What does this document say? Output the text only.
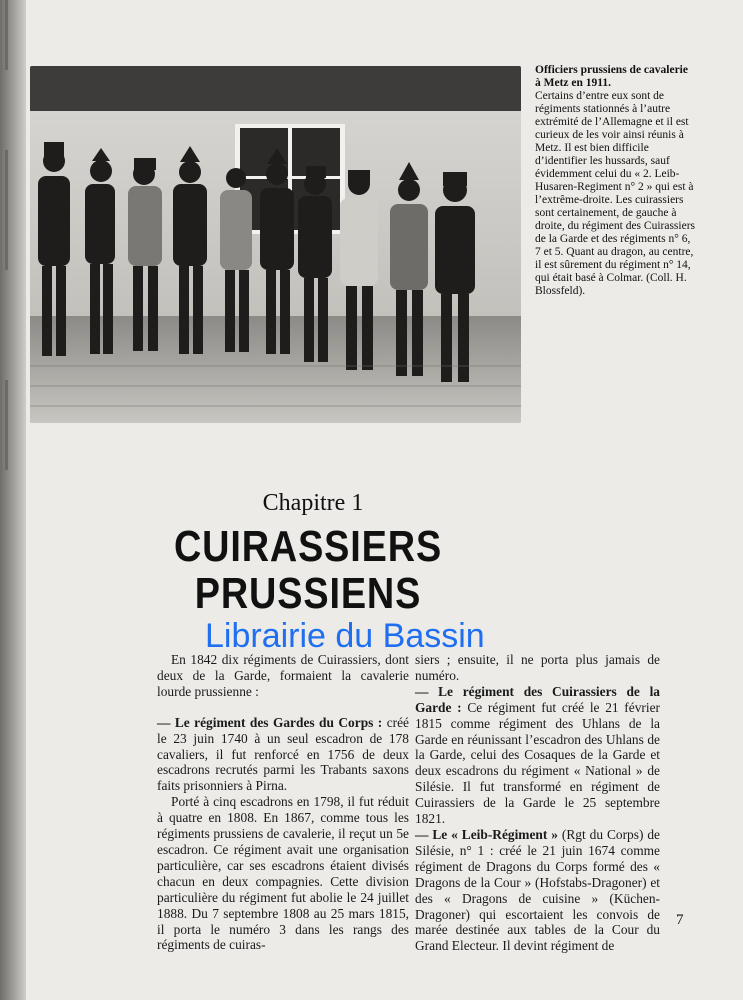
Officiers prussiens de cavalerie à Metz en 1911.
Certains d’entre eux sont de régiments stationnés à l’autre extrémité de l’Allemagne et il est curieux de les voir ainsi réunis à Metz. Il est bien difficile d’identifier les hussards, sauf évidemment celui du « 2. Leib-Husaren-Regiment n° 2 » qui est à l’extrême-droite. Les cuirassiers sont certainement, de gauche à droite, du régiment des Cuirassiers de la Garde et des régiments n° 6, 7 et 5. Quant au dragon, au centre, il est sûrement du régiment n° 14, qui était basé à Colmar. (Coll. H. Blossfeld).
Chapitre 1
CUIRASSIERS
PRUSSIENS

En 1842 dix régiments de Cuirassiers, dont deux de la Garde, formaient la cavalerie lourde prussienne :

— Le régiment des Gardes du Corps : créé le 23 juin 1740 à un seul escadron de 178 cavaliers, il fut renforcé en 1756 de deux escadrons recrutés parmi les Trabants saxons faits prisonniers à Pirna.

Porté à cinq escadrons en 1798, il fut réduit à quatre en 1808. En 1867, comme tous les régiments prussiens de cavalerie, il reçut un 5e escadron. Ce régiment avait une organisation particulière, car ses escadrons étaient divisés chacun en deux compagnies. Cette division particulière du régiment fut abolie le 24 juillet 1888. Du 7 septembre 1808 au 25 mars 1815, il porta le numéro 3 dans les rangs des régiments de cuiras-

siers ; ensuite, il ne porta plus jamais de numéro.

— Le régiment des Cuirassiers de la Garde : Ce régiment fut créé le 21 février 1815 comme régiment des Uhlans de la Garde en réunissant l’escadron des Uhlans de la Garde, celui des Cosaques de la Garde et deux escadrons du régiment « National » de Silésie. Il fut transformé en régiment de Cuirassiers de la Garde le 25 septembre 1821.

— Le « Leib-Régiment » (Rgt du Corps) de Silésie, n° 1 : créé le 21 juin 1674 comme régiment de Dragons du Corps formé des « Dragons de la Cour » (Hofstabs-Dragoner) et des « Dragons de cuisine » (Küchen-Dragoner) qui escortaient les convois de marée destinée aux tables de la Cour du Grand Electeur. Il devint régiment de

Librairie du Bassin
7
